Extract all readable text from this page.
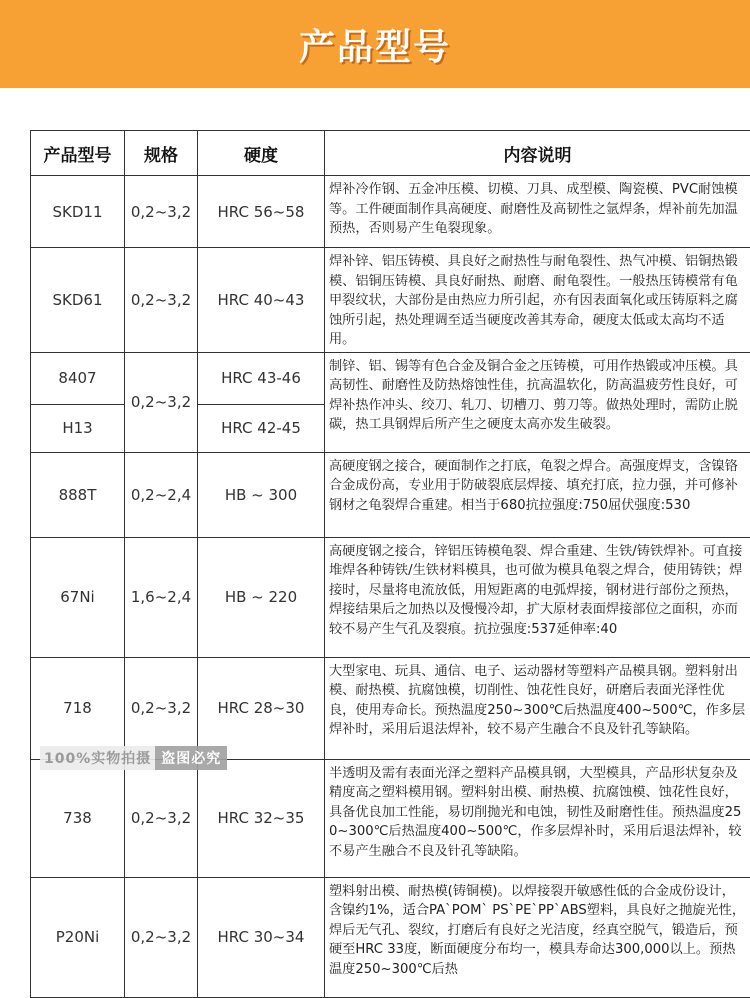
产品型号
产品型号	规格	硬度	内容说明
SKD11	0,2~3,2	HRC 56~58	焊补冷作钢、五金冲压模、切模、刀具、成型模、陶瓷模、PVC耐蚀模等。工件硬面制作具高硬度、耐磨性及高韧性之氩焊条，焊补前先加温预热，否则易产生龟裂现象。
SKD61	0,2~3,2	HRC 40~43	焊补锌、铝压铸模、具良好之耐热性与耐龟裂性、热气冲模、铝铜热锻模、铝铜压铸模、具良好耐热、耐磨、耐龟裂性。一般热压铸模常有龟甲裂纹状，大部份是由热应力所引起，亦有因表面氧化或压铸原料之腐蚀所引起，热处理调至适当硬度改善其寿命，硬度太低或太高均不适用。
8407	0,2~3,2	HRC 43-46	制锌、铝、锡等有色合金及铜合金之压铸模，可用作热锻或冲压模。具高韧性、耐磨性及防热熔蚀性佳，抗高温软化，防高温疲劳性良好，可焊补热作冲头、绞刀、轧刀、切槽刀、剪刀等。做热处理时，需防止脱碳，热工具钢焊后所产生之硬度太高亦发生破裂。
H13		HRC 42-45	
888T	0,2~2,4	HB ~ 300	高硬度钢之接合，硬面制作之打底，龟裂之焊合。高强度焊支，含镍铬合金成份高，专业用于防破裂底层焊接、填充打底，拉力强，并可修补钢材之龟裂焊合重建。相当于680抗拉强度:750屈伏强度:530
67Ni	1,6~2,4	HB ~ 220	高硬度钢之接合，锌铝压铸模龟裂、焊合重建、生铁/铸铁焊补。可直接堆焊各种铸铁/生铁材料模具，也可做为模具龟裂之焊合，使用铸铁；焊接时，尽量将电流放低，用短距离的电弧焊接，钢材进行部份之预热，焊接结果后之加热以及慢慢冷却，扩大原材表面焊接部位之面积，亦而较不易产生气孔及裂痕。抗拉强度:537延伸率:40
718	0,2~3,2	HRC 28~30	大型家电、玩具、通信、电子、运动器材等塑料产品模具钢。塑料射出模、耐热模、抗腐蚀模，切削性、蚀花性良好，研磨后表面光泽性优良，使用寿命长。预热温度250~300℃后热温度400~500℃，作多层焊补时，采用后退法焊补，较不易产生融合不良及针孔等缺陷。
738	0,2~3,2	HRC 32~35	半透明及需有表面光泽之塑料产品模具钢，大型模具，产品形状复杂及精度高之塑料模用钢。塑料射出模、耐热模、抗腐蚀模、蚀花性良好，具备优良加工性能，易切削抛光和电蚀，韧性及耐磨性佳。预热温度250~300℃后热温度400~500℃，作多层焊补时，采用后退法焊补，较不易产生融合不良及针孔等缺陷。
P20Ni	0,2~3,2	HRC 30~34	塑料射出模、耐热模(铸铜模)。以焊接裂开敏感性低的合金成份设计，含镍约1%，适合PA`POM` PS`PE`PP`ABS塑料，具良好之抛旋光性，焊后无气孔、裂纹，打磨后有良好之光洁度，经真空脱气，锻造后，预硬至HRC 33度，断面硬度分布均一，模具寿命达300,000以上。预热温度250~300℃后热
100%实物拍摄 盗图必究
